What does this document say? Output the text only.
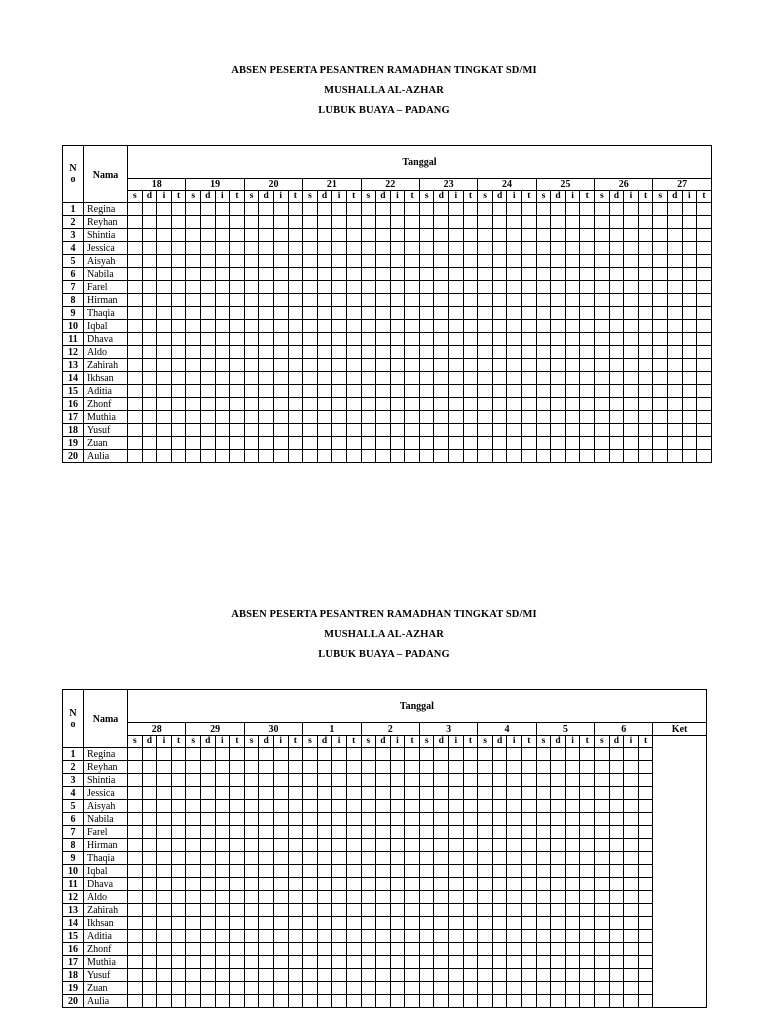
ABSEN PESERTA PESANTREN RAMADHAN TINGKAT SD/MI
MUSHALLA AL-AZHAR
LUBUK BUAYA – PADANG
N o	Nama	Tanggal																																							
		18				19				20				21				22				23				24				25				26				27			
		s	d	i	t	s	d	i	t	s	d	i	t	s	d	i	t	s	d	i	t	s	d	i	t	s	d	i	t	s	d	i	t	s	d	i	t	s	d	i	t
1	Regina																																								
2	Reyhan																																								
3	Shintia																																								
4	Jessica																																								
5	Aisyah																																								
6	Nabila																																								
7	Farel																																								
8	Hirman																																								
9	Thaqia																																								
10	Iqbal																																								
11	Dhava																																								
12	Aldo																																								
13	Zahirah																																								
14	Ikhsan																																								
15	Aditia																																								
16	Zhonf																																								
17	Muthia																																								
18	Yusuf																																								
19	Zuan																																								
20	Aulia																																								
ABSEN PESERTA PESANTREN RAMADHAN TINGKAT SD/MI
MUSHALLA AL-AZHAR
LUBUK BUAYA – PADANG
N o	Nama	Tanggal																																				
		28				29				30				1				2				3				4				5				6				Ket
		s	d	i	t	s	d	i	t	s	d	i	t	s	d	i	t	s	d	i	t	s	d	i	t	s	d	i	t	s	d	i	t	s	d	i	t	
1	Regina																																					
2	Reyhan																																					
3	Shintia																																					
4	Jessica																																					
5	Aisyah																																					
6	Nabila																																					
7	Farel																																					
8	Hirman																																					
9	Thaqia																																					
10	Iqbal																																					
11	Dhava																																					
12	Aldo																																					
13	Zahirah																																					
14	Ikhsan																																					
15	Aditia																																					
16	Zhonf																																					
17	Muthia																																					
18	Yusuf																																					
19	Zuan																																					
20	Aulia																																					
